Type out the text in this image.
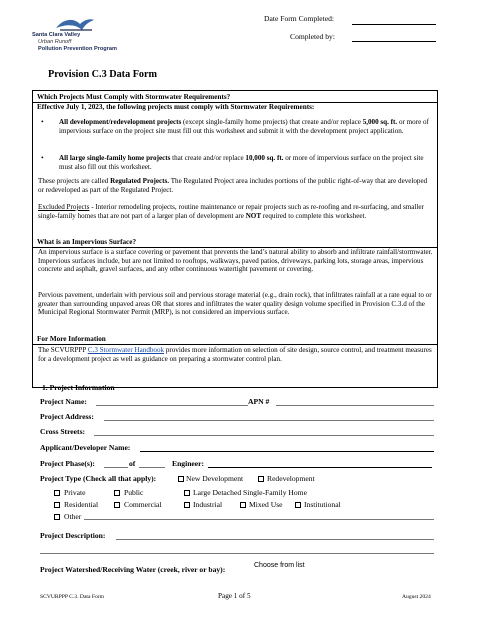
Santa Clara Valley
Urban Runoff
Pollution Prevention Program
Date Form Completed:
Completed by:
Provision C.3 Data Form
Which Projects Must Comply with Stormwater Requirements?
Effective July 1, 2023, the following projects must comply with Stormwater Requirements:
• All development/redevelopment projects (except single-family home projects) that create and/or replace 5,000 sq. ft. or more of impervious surface on the project site must fill out this worksheet and submit it with the development project application.
• All large single-family home projects that create and/or replace 10,000 sq. ft. or more of impervious surface on the project site must also fill out this worksheet.
These projects are called Regulated Projects. The Regulated Project area includes portions of the public right-of-way that are developed or redeveloped as part of the Regulated Project.
Excluded Projects - Interior remodeling projects, routine maintenance or repair projects such as re-roofing and re-surfacing, and smaller single-family homes that are not part of a larger plan of development are NOT required to complete this worksheet.
What is an Impervious Surface?
An impervious surface is a surface covering or pavement that prevents the land’s natural ability to absorb and infiltrate rainfall/stormwater. Impervious surfaces include, but are not limited to rooftops, walkways, paved patios, driveways, parking lots, storage areas, impervious concrete and asphalt, gravel surfaces, and any other continuous watertight pavement or covering.
Pervious pavement, underlain with pervious soil and pervious storage material (e.g., drain rock), that infiltrates rainfall at a rate equal to or greater than surrounding unpaved areas OR that stores and infiltrates the water quality design volume specified in Provision C.3.d of the Municipal Regional Stormwater Permit (MRP), is not considered an impervious surface.
For More Information
The SCVURPPP C.3 Stormwater Handbook provides more information on selection of site design, source control, and treatment measures for a development project as well as guidance on preparing a stormwater control plan.
1. Project Information
Project Name:	APN #
Project Address:
Cross Streets:
Applicant/Developer Name:
Project Phase(s):	of	Engineer:
Project Type (Check all that apply):	New Development	Redevelopment
Private	Public	Large Detached Single-Family Home
Residential	Commercial	Industrial	Mixed Use	Institutional
Other
Project Description:
Project Watershed/Receiving Water (creek, river or bay):	Choose from list
SCVURPPP C.3. Data Form	Page 1 of 5	August 2024
